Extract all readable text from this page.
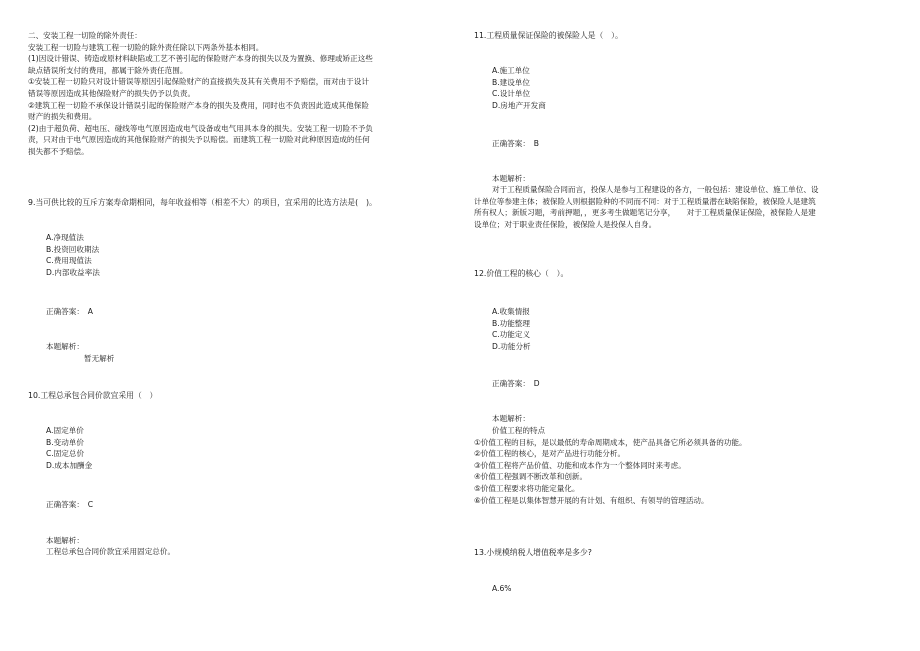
二、安装工程一切险的除外责任：
安装工程一切险与建筑工程一切险的除外责任除以下两条外基本相同。
(1)因设计错误、铸造或原材料缺陷或工艺不善引起的保险财产本身的损失以及为置换、修理或矫正这些
缺点错误所支付的费用，都属于除外责任范围。
①安装工程一切险只对设计错误等原因引起保险财产的直接损失及其有关费用不予赔偿，而对由于设计
错误等原因造成其他保险财产的损失仍予以负责。
②建筑工程一切险不承保设计错误引起的保险财产本身的损失及费用，同时也不负责因此造成其他保险
财产的损失和费用。
(2)由于超负荷、超电压、碰线等电气原因造成电气设备或电气用具本身的损失。安装工程一切险不予负
责，只对由于电气原因造成的其他保险财产的损失予以赔偿。而建筑工程一切险对此种原因造成的任何
损失都不予赔偿。
9.当可供比较的互斥方案寿命期相同，每年收益相等（相差不大）的项目，宜采用的比选方法是(　)。
A.净现值法
B.投资回收期法
C.费用现值法
D.内部收益率法
正确答案：　A
本题解析：
暂无解析
10.工程总承包合同价款宜采用（　）
A.固定单价
B.变动单价
C.固定总价
D.成本加酬金
正确答案：　C
本题解析：
工程总承包合同价款宜采用固定总价。
11.工程质量保证保险的被保险人是（　）。
A.施工单位
B.建设单位
C.设计单位
D.房地产开发商
正确答案：　B
本题解析：
对于工程质量保险合同而言，投保人是参与工程建设的各方，一般包括：建设单位、施工单位、设
计单位等参建主体；被保险人则根据险种的不同而不同：对于工程质量潜在缺陷保险，被保险人是建筑
所有权人；新版习题，考前押题，，更多考生做题笔记分享，　　对于工程质量保证保险，被保险人是建
设单位；对于职业责任保险，被保险人是投保人自身。
12.价值工程的核心（　）。
A.收集情报
B.功能整理
C.功能定义
D.功能分析
正确答案：　D
本题解析：
价值工程的特点
①价值工程的目标，是以最低的寿命周期成本，使产品具备它所必须具备的功能。
②价值工程的核心，是对产品进行功能分析。
③价值工程将产品价值、功能和成本作为一个整体同时来考虑。
④价值工程强调不断改革和创新。
⑤价值工程要求将功能定量化。
⑥价值工程是以集体智慧开展的有计划、有组织、有领导的管理活动。
13.小规模纳税人增值税率是多少?
A.6%
